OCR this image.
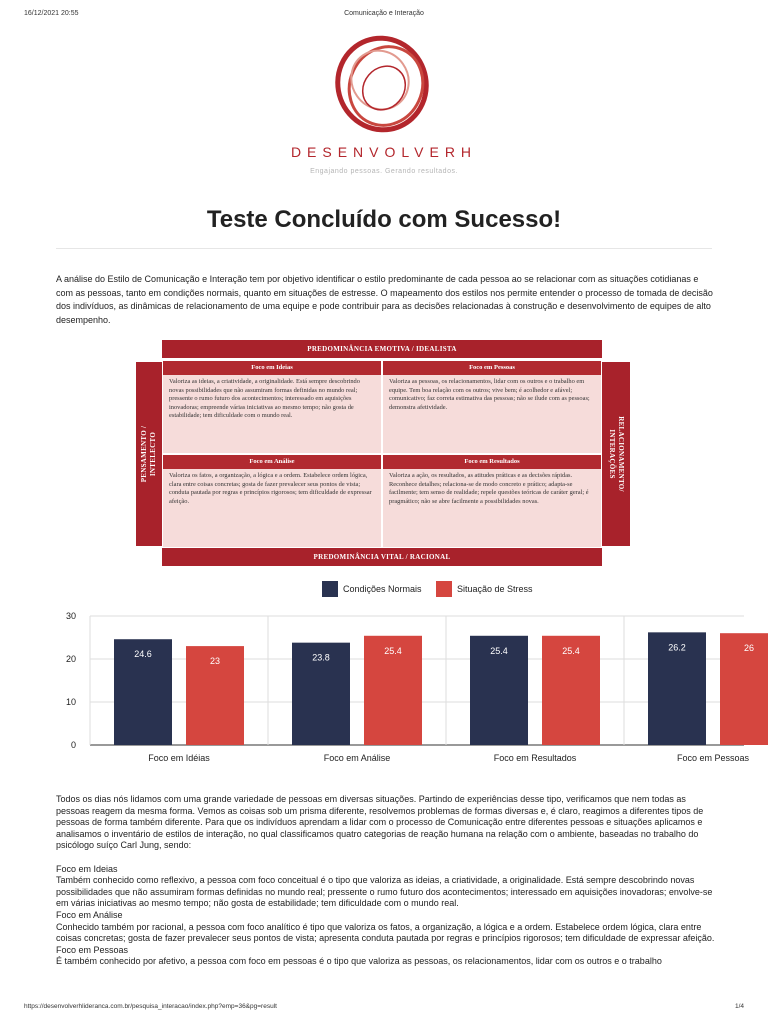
16/12/2021 20:55	Comunicação e Interação
DESENVOLVERH
Engajando pessoas. Gerando resultados.
Teste Concluído com Sucesso!

A análise do Estilo de Comunicação e Interação tem por objetivo identificar o estilo predominante de cada pessoa ao se relacionar com as situações cotidianas e com as pessoas, tanto em condições normais, quanto em situações de estresse. O mapeamento dos estilos nos permite entender o processo de tomada de decisão dos indivíduos, as dinâmicas de relacionamento de uma equipe e pode contribuir para as decisões relacionadas à construção e desenvolvimento de equipes de alto desempenho.

PREDOMINÂNCIA EMOTIVA / IDEALISTA
PENSAMENTO / INTELECTO	RELACIONAMENTO/
INTERAÇÕES
Foco em Ideias
Valoriza as ideias, a criatividade, a originalidade. Está sempre descobrindo novas possibilidades que não assumiram formas definidas no mundo real; pressente o rumo futuro dos acontecimentos; interessado em aquisições inovadoras; empreende várias iniciativas ao mesmo tempo; não gosta de estabilidade; tem dificuldade com o mundo real.
Foco em Pessoas
Valoriza as pessoas, os relacionamentos, lidar com os outros e o trabalho em equipe. Tem boa relação com os outros; vive bem; é acolhedor e afável; comunicativo; faz correta estimativa das pessoas; não se ilude com as pessoas; demonstra afetividade.
Foco em Análise
Valoriza os fatos, a organização, a lógica e a ordem. Estabelece ordem lógica, clara entre coisas concretas; gosta de fazer prevalecer seus pontos de vista; conduta pautada por regras e princípios rigorosos; tem dificuldade de expressar afeição.
Foco em Resultados
Valoriza a ação, os resultados, as atitudes práticas e as decisões rápidas. Reconhece detalhes; relaciona-se de modo concreto e prático; adapta-se facilmente; tem senso de realidade; repele questões teóricas de caráter geral; é pragmático; não se abre facilmente a possibilidades novas.
PREDOMINÂNCIA VITAL / RACIONAL
Condições Normais	Situação de Stress
0
10
20
30
24.6
23
Foco em Idéias
23.8
25.4
Foco em Análise
25.4	25.4
Foco em Resultados
26.2	26
Foco em Pessoas

Todos os dias nós lidamos com uma grande variedade de pessoas em diversas situações. Partindo de experiências desse tipo, verificamos que nem todas as pessoas reagem da mesma forma. Vemos as coisas sob um prisma diferente, resolvemos problemas de formas diversas e, é claro, reagimos a diferentes tipos de pessoas de forma também diferente. Para que os indivíduos aprendam a lidar com o processo de Comunicação entre diferentes pessoas e situações aplicamos e analisamos o inventário de estilos de interação, no qual classificamos quatro categorias de reação humana na relação com o ambiente, baseadas no trabalho do psicólogo suíço Carl Jung, sendo:

Foco em Ideias

Também conhecido como reflexivo, a pessoa com foco conceitual é o tipo que valoriza as ideias, a criatividade, a originalidade. Está sempre descobrindo novas possibilidades que não assumiram formas definidas no mundo real; pressente o rumo futuro dos acontecimentos; interessado em aquisições inovadoras; envolve-se em várias iniciativas ao mesmo tempo; não gosta de estabilidade; tem dificuldade com o mundo real.

Foco em Análise

Conhecido também por racional, a pessoa com foco analítico é tipo que valoriza os fatos, a organização, a lógica e a ordem. Estabelece ordem lógica, clara entre coisas concretas; gosta de fazer prevalecer seus pontos de vista; apresenta conduta pautada por regras e princípios rigorosos; tem dificuldade de expressar afeição.

Foco em Pessoas

É também conhecido por afetivo, a pessoa com foco em pessoas é o tipo que valoriza as pessoas, os relacionamentos, lidar com os outros e o trabalho

https://desenvolverhlideranca.com.br/pesquisa_interacao/index.php?emp=36&pg=result	1/4
